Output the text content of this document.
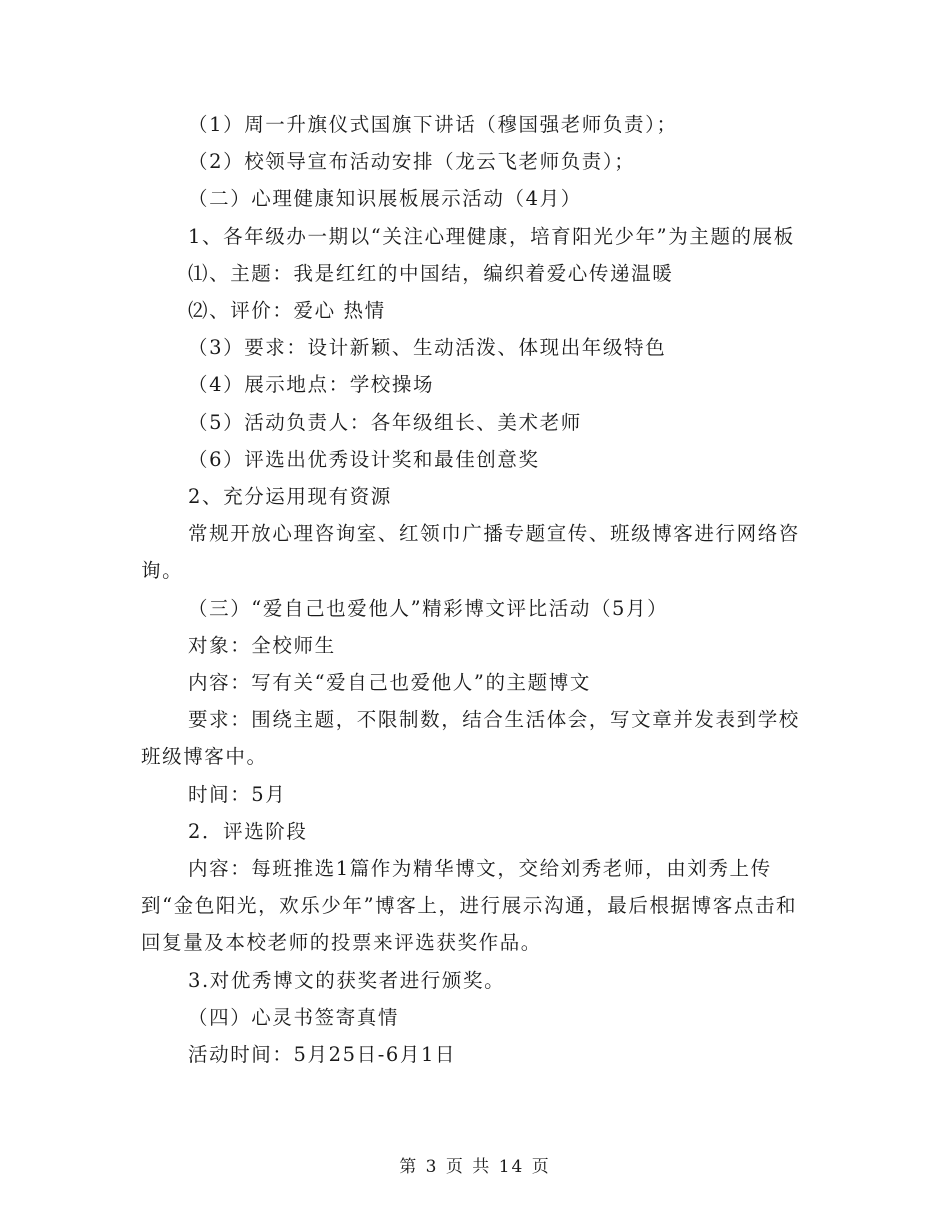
（1）周一升旗仪式国旗下讲话（穆国强老师负责）；

（2）校领导宣布活动安排（龙云飞老师负责）；

（二）心理健康知识展板展示活动（4月）

1、各年级办一期以“关注心理健康，培育阳光少年”为主题的展板

⑴、主题：我是红红的中国结，编织着爱心传递温暖

⑵、评价：爱心 热情

（3）要求：设计新颖、生动活泼、体现出年级特色

（4）展示地点：学校操场

（5）活动负责人：各年级组长、美术老师

（6）评选出优秀设计奖和最佳创意奖

2、充分运用现有资源

常规开放心理咨询室、红领巾广播专题宣传、班级博客进行网络咨询。

（三）“爱自己也爱他人”精彩博文评比活动（5月）

对象：全校师生

内容：写有关“爱自己也爱他人”的主题博文

要求：围绕主题，不限制数，结合生活体会，写文章并发表到学校班级博客中。

时间：5月

2．评选阶段

内容：每班推选1篇作为精华博文，交给刘秀老师，由刘秀上传到“金色阳光，欢乐少年”博客上，进行展示沟通，最后根据博客点击和回复量及本校老师的投票来评选获奖作品。

3.对优秀博文的获奖者进行颁奖。

（四）心灵书签寄真情

活动时间：5月25日-6月1日

第 3 页 共 14 页
